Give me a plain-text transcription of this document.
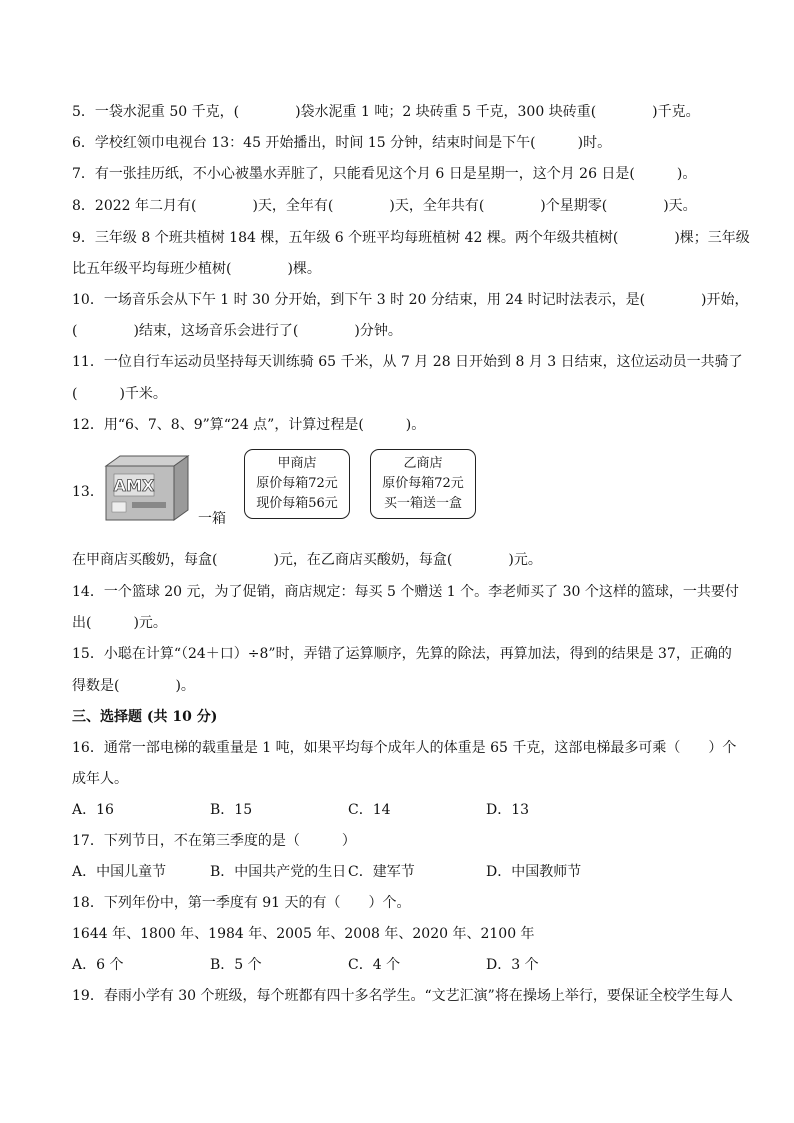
5．一袋水泥重 50 千克，(　　　　)袋水泥重 1 吨；2 块砖重 5 千克，300 块砖重(　　　　)千克。
6．学校红领巾电视台 13：45 开始播出，时间 15 分钟，结束时间是下午(　　　)时。
7．有一张挂历纸，不小心被墨水弄脏了，只能看见这个月 6 日是星期一，这个月 26 日是(　　　)。
8．2022 年二月有(　　　　)天，全年有(　　　　)天，全年共有(　　　　)个星期零(　　　　)天。
9．三年级 8 个班共植树 184 棵，五年级 6 个班平均每班植树 42 棵。两个年级共植树(　　　　)棵；三年级
比五年级平均每班少植树(　　　　)棵。
10．一场音乐会从下午 1 时 30 分开始，到下午 3 时 20 分结束，用 24 时记时法表示，是(　　　　)开始，
(　　　　)结束，这场音乐会进行了(　　　　)分钟。
11．一位自行车运动员坚持每天训练骑 65 千米，从 7 月 28 日开始到 8 月 3 日结束，这位运动员一共骑了
(　　　)千米。
12．用“6、7、8、9”算“24 点”，计算过程是(　　　)。
13． AMX
一箱
甲商店
原价每箱72元
现价每箱56元
乙商店
原价每箱72元
买一箱送一盒
在甲商店买酸奶，每盒(　　　　)元，在乙商店买酸奶，每盒(　　　　)元。
14．一个篮球 20 元，为了促销，商店规定：每买 5 个赠送 1 个。李老师买了 30 个这样的篮球，一共要付
出(　　　)元。
15．小聪在计算“（24＋口）÷8”时，弄错了运算顺序，先算的除法，再算加法，得到的结果是 37，正确的
得数是(　　　　)。
三、选择题 (共 10 分)
16．通常一部电梯的载重量是 1 吨，如果平均每个成年人的体重是 65 千克，这部电梯最多可乘（　　）个
成年人。
A．16	B．15	C．14	D．13
17．下列节日，不在第三季度的是（　　　）
A．中国儿童节	B．中国共产党的生日 C．建军节	D．中国教师节
18．下列年份中，第一季度有 91 天的有（　　）个。
1644 年、1800 年、1984 年、2005 年、2008 年、2020 年、2100 年
A．6 个	B．5 个	C．4 个	D．3 个
19．春雨小学有 30 个班级，每个班都有四十多名学生。“文艺汇演”将在操场上举行，要保证全校学生每人
